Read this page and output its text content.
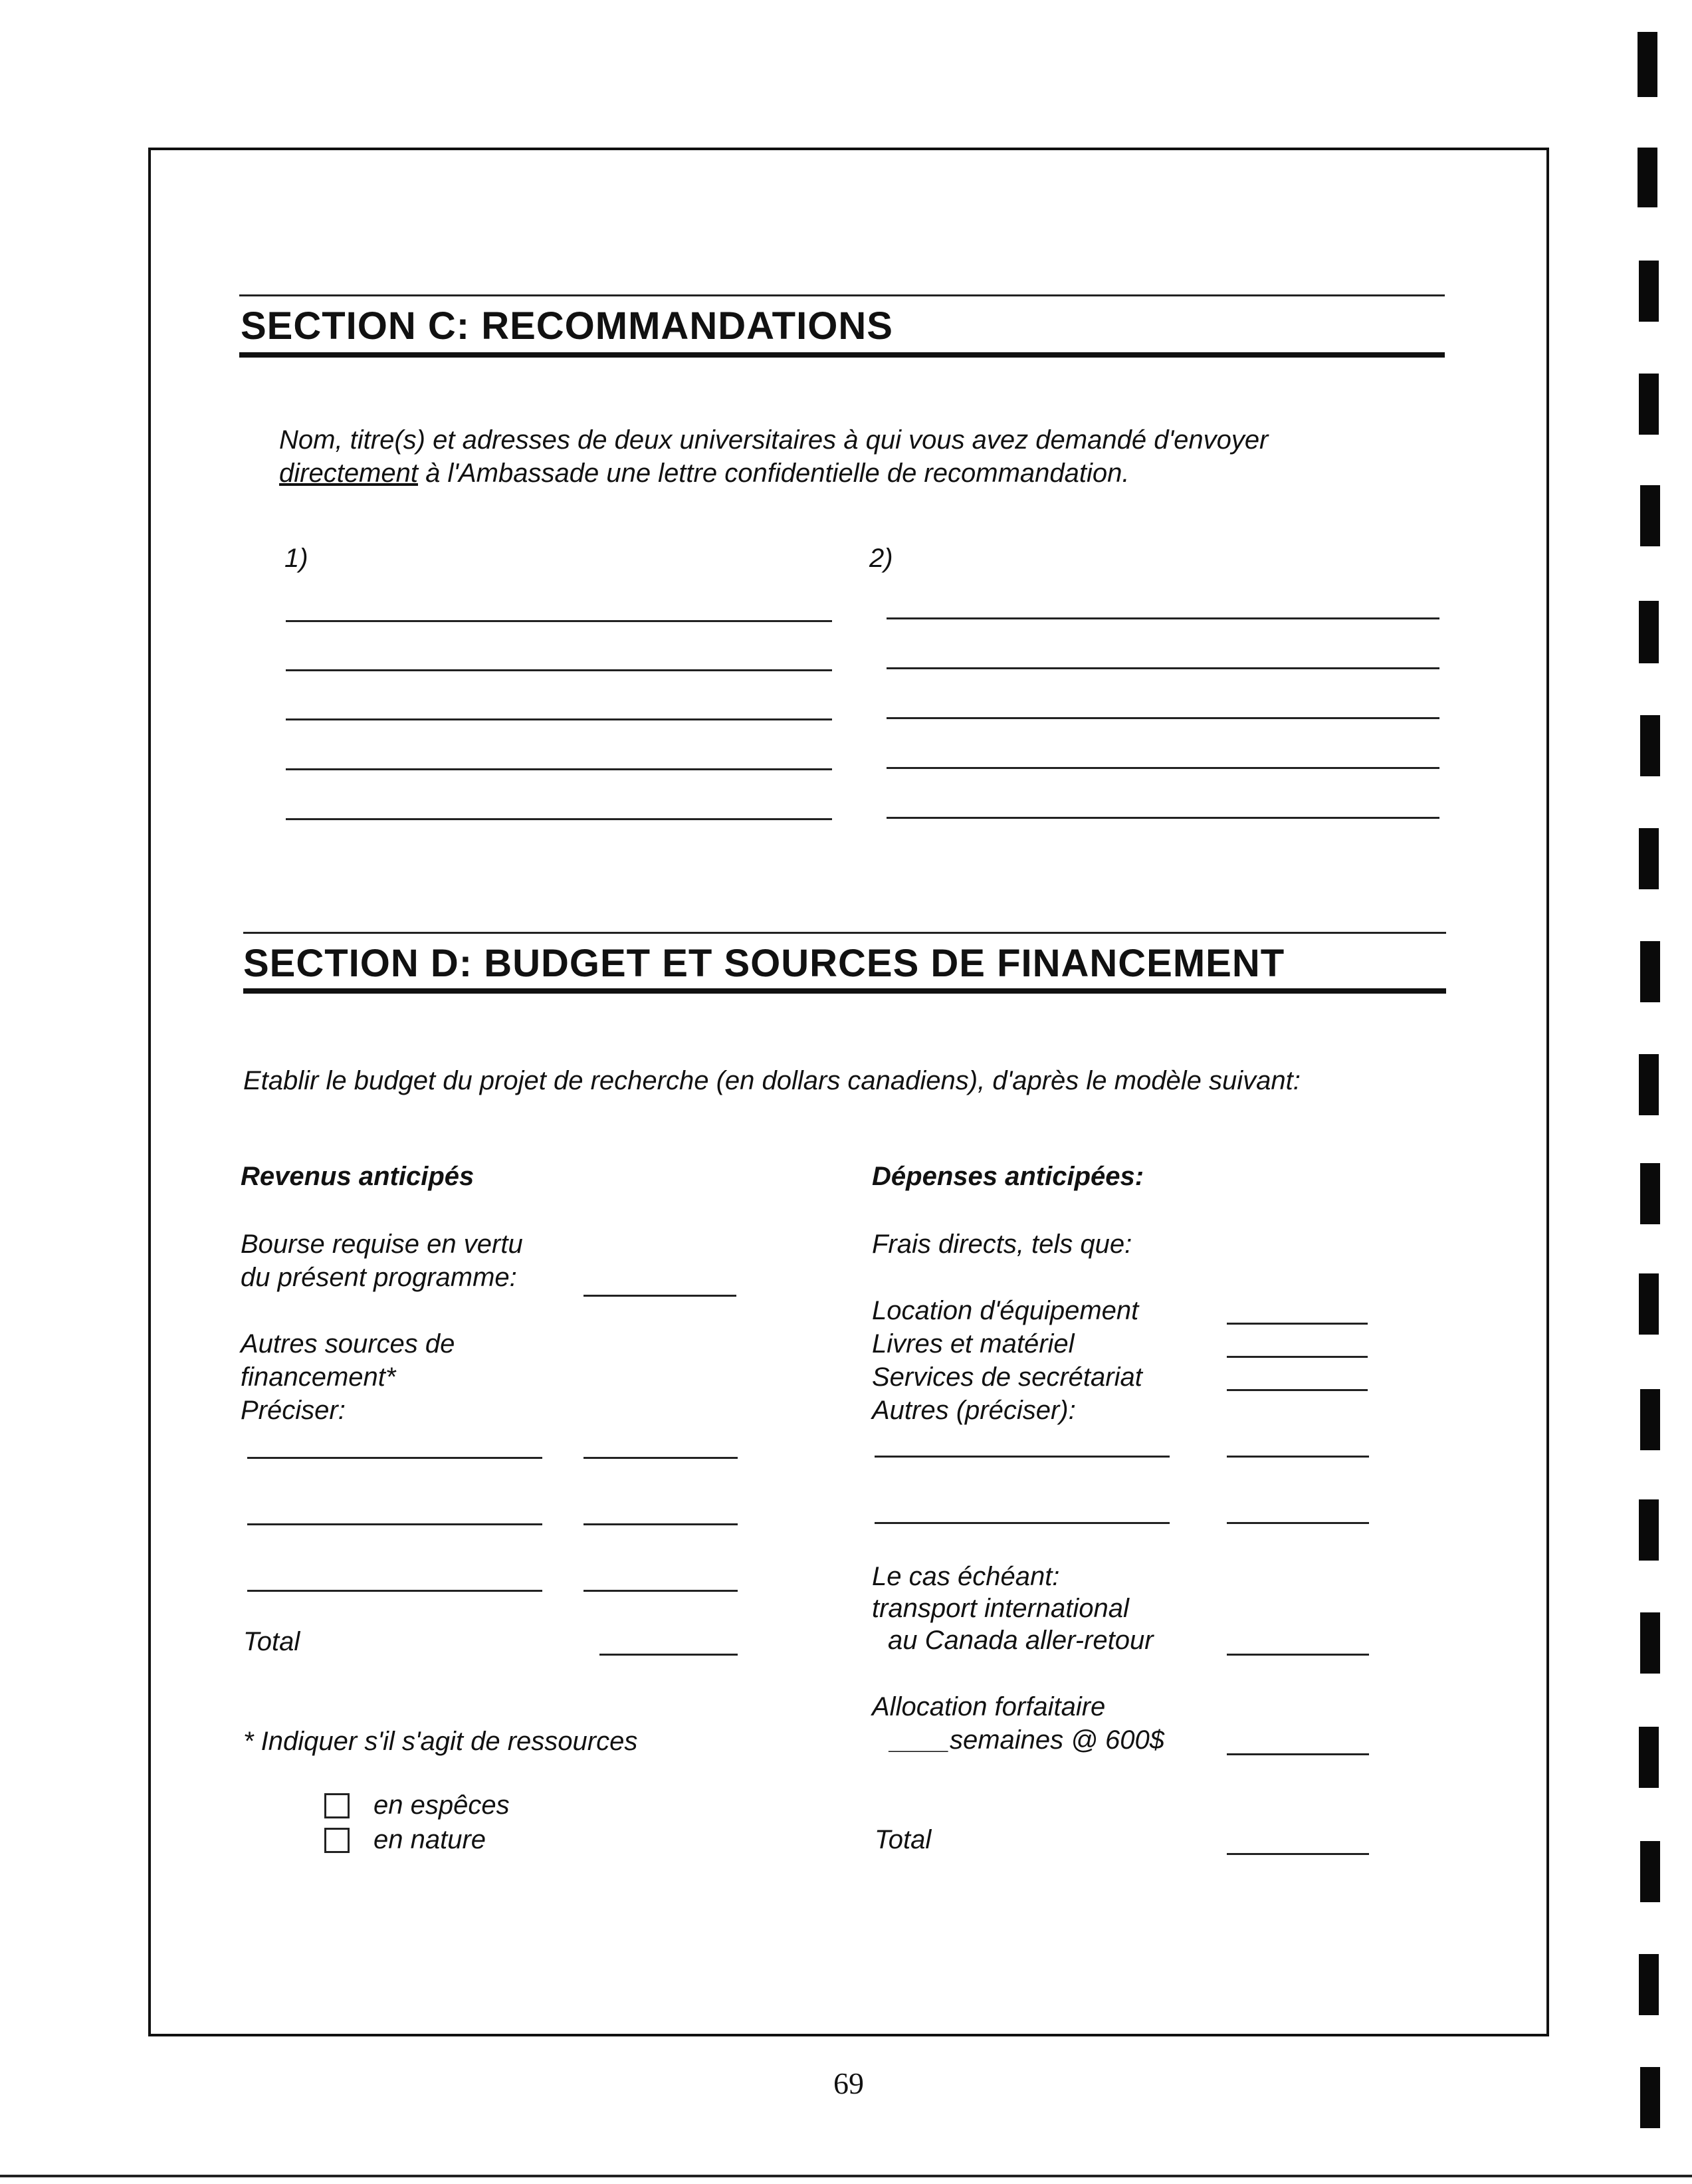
SECTION C: RECOMMANDATIONS
Nom, titre(s) et adresses de deux universitaires à qui vous avez demandé d'envoyer
directement à l'Ambassade une lettre confidentielle de recommandation.
1)	2)
SECTION D: BUDGET ET SOURCES DE FINANCEMENT
Etablir le budget du projet de recherche (en dollars canadiens), d'après le modèle suivant:
Revenus anticipés
Bourse requise en vertu
du présent programme:
Autres sources de
financement*
Préciser:
Total
* Indiquer s'il s'agit de ressources
en espêces
en nature
Dépenses anticipées:
Frais directs, tels que:
Location d'équipement
Livres et matériel
Services de secrétariat
Autres (préciser):
Le cas échéant:
transport international
au Canada aller-retour
Allocation forfaitaire
____semaines @ 600$
Total
69
